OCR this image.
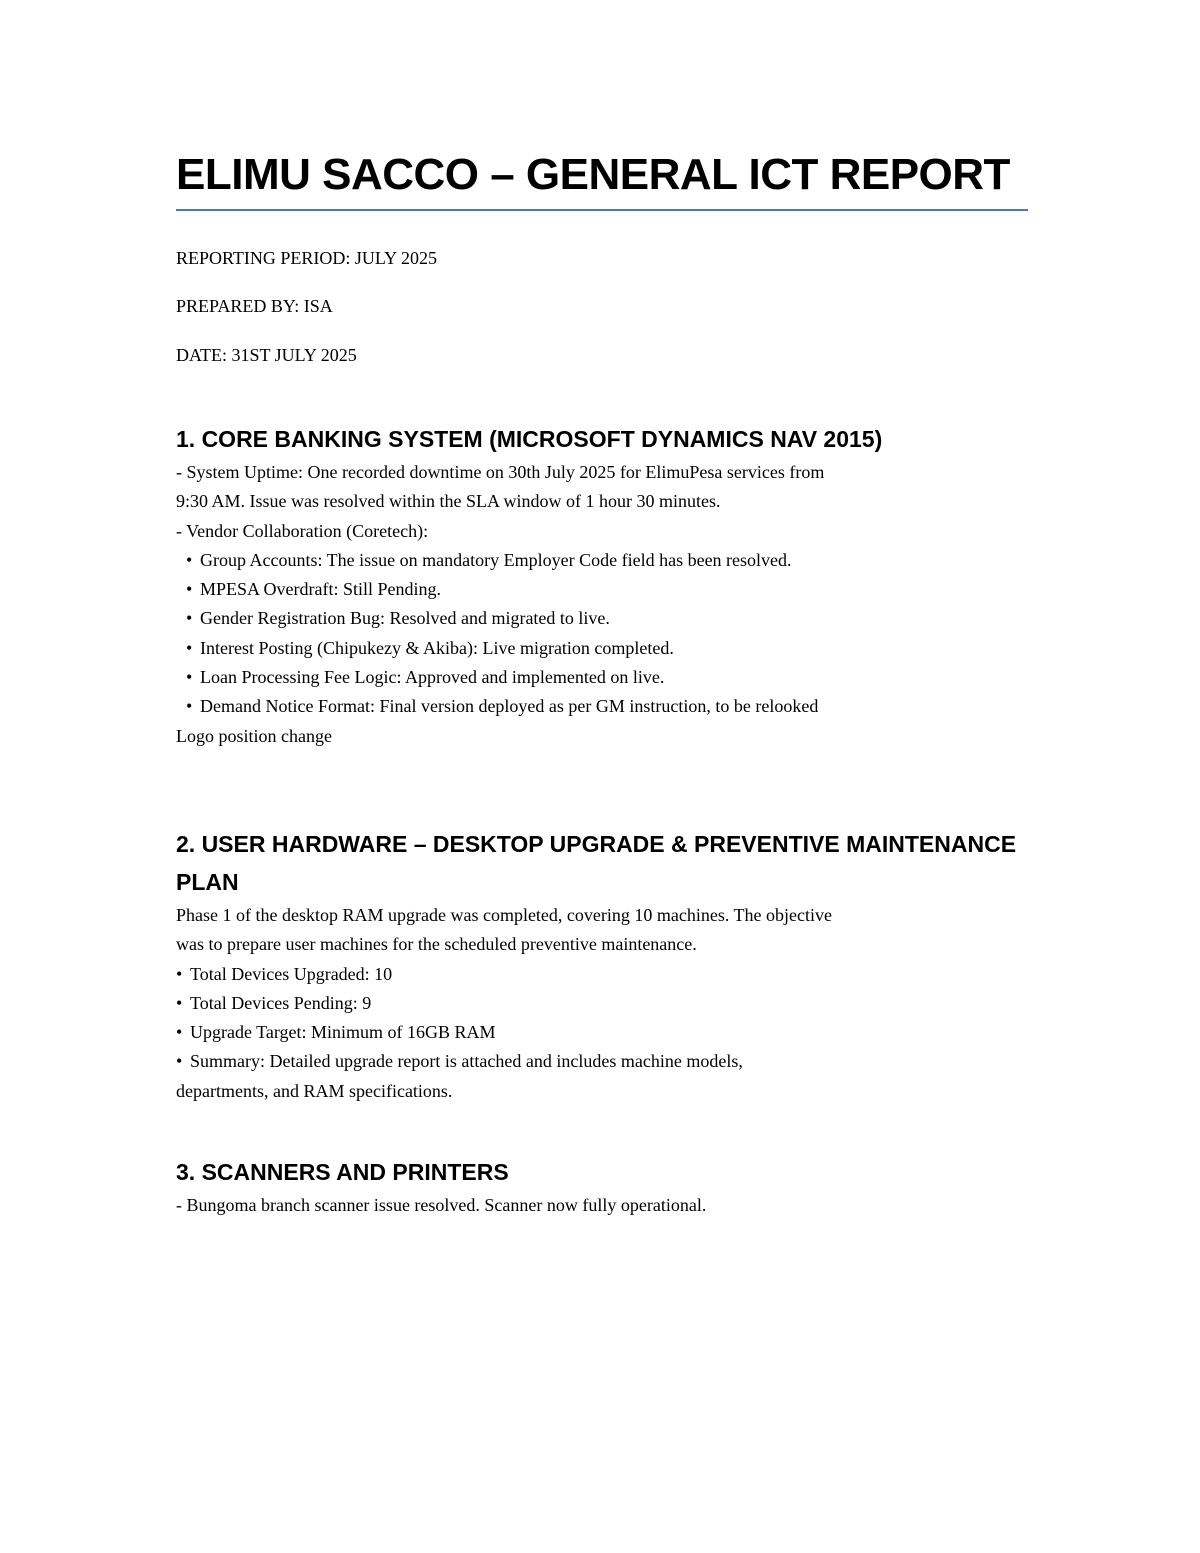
ELIMU SACCO – GENERAL ICT REPORT

REPORTING PERIOD: JULY 2025

PREPARED BY: ISA

DATE: 31ST JULY 2025

1. CORE BANKING SYSTEM (MICROSOFT DYNAMICS NAV 2015)

- System Uptime: One recorded downtime on 30th July 2025 for ElimuPesa services from

9:30 AM. Issue was resolved within the SLA window of 1 hour 30 minutes.

- Vendor Collaboration (Coretech):

• Group Accounts: The issue on mandatory Employer Code field has been resolved.

• MPESA Overdraft: Still Pending.

• Gender Registration Bug: Resolved and migrated to live.

• Interest Posting (Chipukezy & Akiba): Live migration completed.

• Loan Processing Fee Logic: Approved and implemented on live.

• Demand Notice Format: Final version deployed as per GM instruction, to be relooked

Logo position change

2. USER HARDWARE – DESKTOP UPGRADE & PREVENTIVE MAINTENANCE
PLAN

Phase 1 of the desktop RAM upgrade was completed, covering 10 machines. The objective

was to prepare user machines for the scheduled preventive maintenance.

• Total Devices Upgraded: 10

• Total Devices Pending: 9

• Upgrade Target: Minimum of 16GB RAM

• Summary: Detailed upgrade report is attached and includes machine models,

departments, and RAM specifications.

3. SCANNERS AND PRINTERS

- Bungoma branch scanner issue resolved. Scanner now fully operational.
